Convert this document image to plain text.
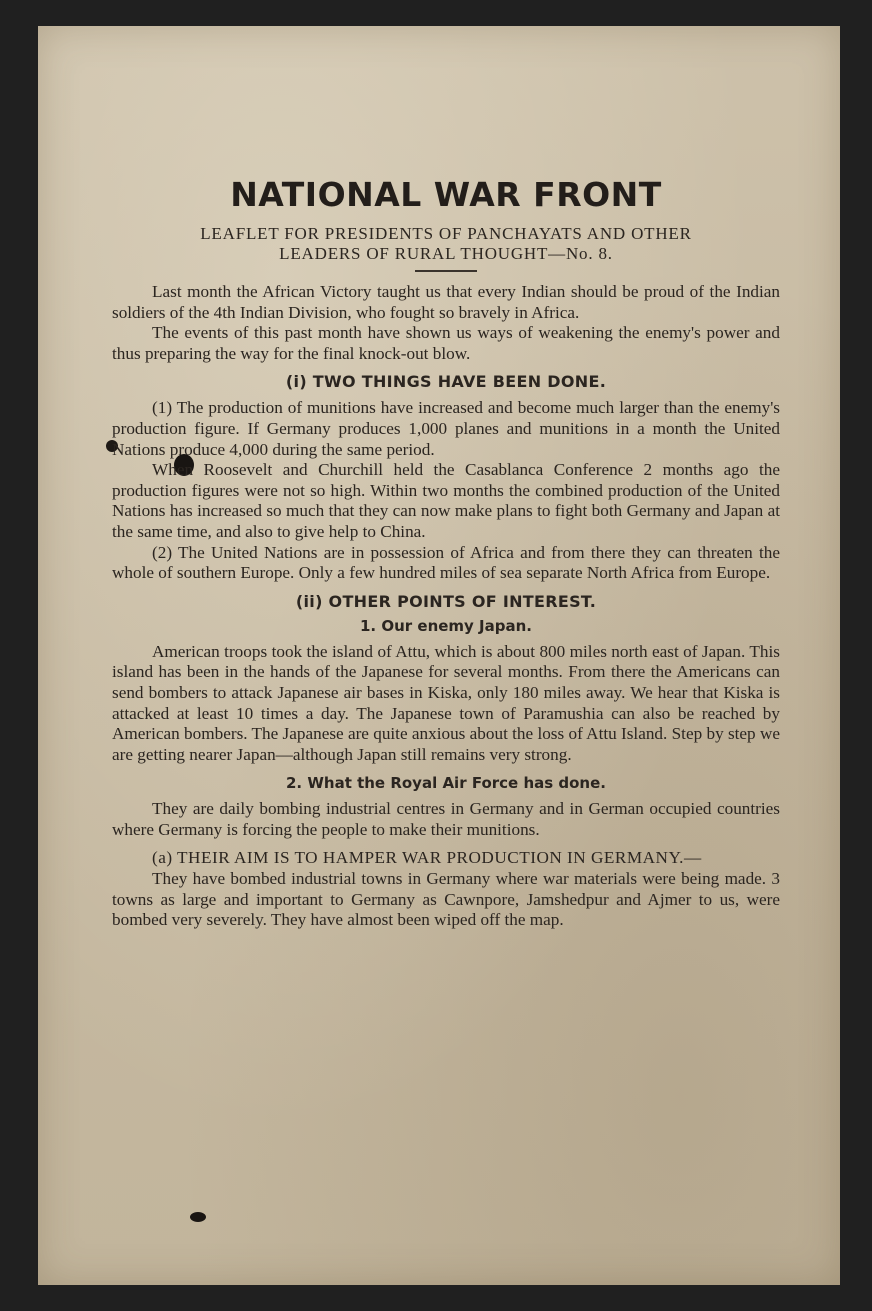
NATIONAL WAR FRONT
LEAFLET FOR PRESIDENTS OF PANCHAYATS AND OTHER
LEADERS OF RURAL THOUGHT—No. 8.

Last month the African Victory taught us that every Indian should be proud of the Indian soldiers of the 4th Indian Division, who fought so bravely in Africa.

The events of this past month have shown us ways of weakening the enemy's power and thus preparing the way for the final knock-out blow.

(i) TWO THINGS HAVE BEEN DONE.

(1) The production of munitions have increased and become much larger than the enemy's production figure. If Germany produces 1,000 planes and munitions in a month the United Nations produce 4,000 during the same period.

When Roosevelt and Churchill held the Casablanca Conference 2 months ago the production figures were not so high. Within two months the combined production of the United Nations has increased so much that they can now make plans to fight both Germany and Japan at the same time, and also to give help to China.

(2) The United Nations are in possession of Africa and from there they can threaten the whole of southern Europe. Only a few hundred miles of sea separate North Africa from Europe.

(ii) OTHER POINTS OF INTEREST.
1. Our enemy Japan.

American troops took the island of Attu, which is about 800 miles north east of Japan. This island has been in the hands of the Japanese for several months. From there the Americans can send bombers to attack Japanese air bases in Kiska, only 180 miles away. We hear that Kiska is attacked at least 10 times a day. The Japanese town of Paramushia can also be reached by American bombers. The Japanese are quite anxious about the loss of Attu Island. Step by step we are getting nearer Japan—although Japan still remains very strong.

2. What the Royal Air Force has done.

They are daily bombing industrial centres in Germany and in German occupied countries where Germany is forcing the people to make their munitions.

(a) THEIR AIM IS TO HAMPER WAR PRODUCTION IN GERMANY.—

They have bombed industrial towns in Germany where war materials were being made. 3 towns as large and important to Germany as Cawnpore, Jamshedpur and Ajmer to us, were bombed very severely. They have almost been wiped off the map.
